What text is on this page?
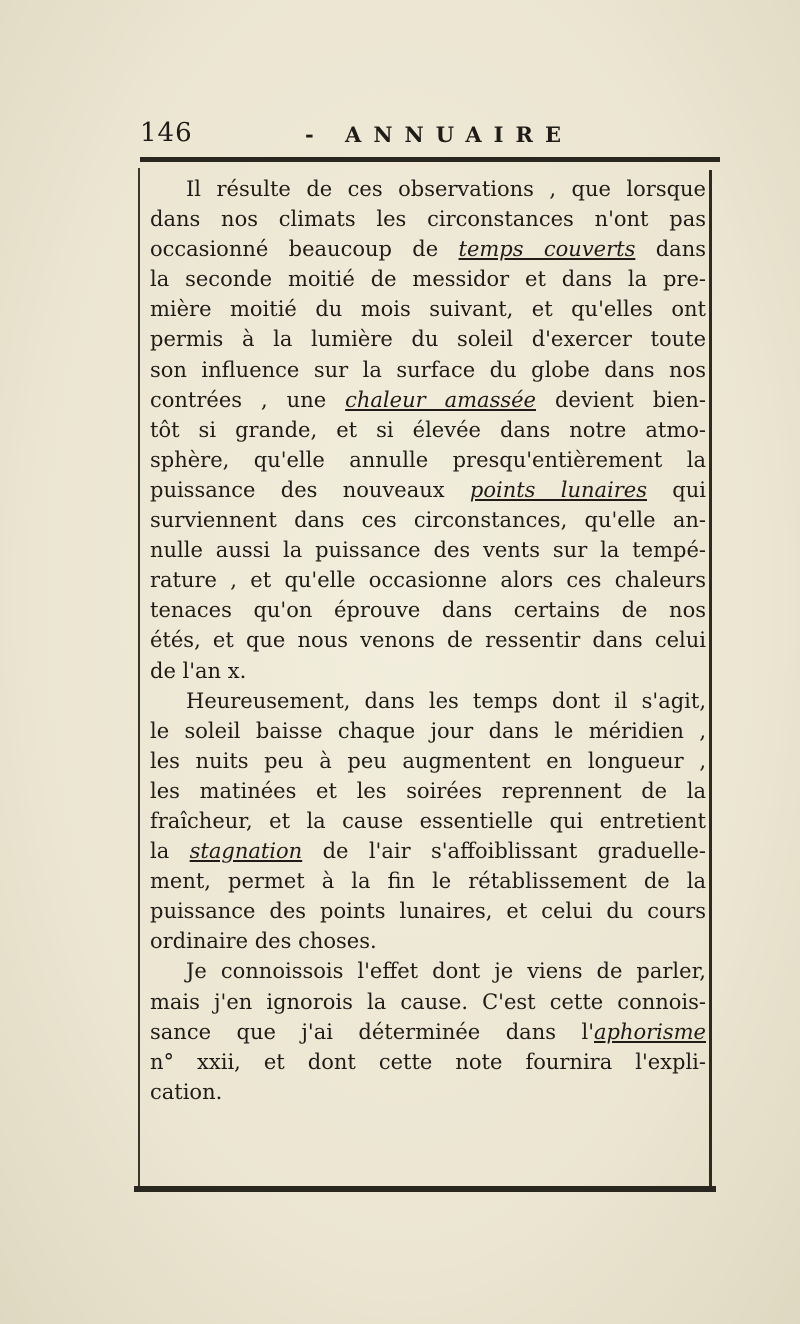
146	- ANNUAIRE
Il résulte de ces observations , que lorsque
dans nos climats les circonstances n'ont pas
occasionné beaucoup de temps couverts dans
la seconde moitié de messidor et dans la pre-
mière moitié du mois suivant, et qu'elles ont
permis à la lumière du soleil d'exercer toute
son influence sur la surface du globe dans nos
contrées , une chaleur amassée devient bien-
tôt si grande, et si élevée dans notre atmo-
sphère, qu'elle annulle presqu'entièrement la
puissance des nouveaux points lunaires qui
surviennent dans ces circonstances, qu'elle an-
nulle aussi la puissance des vents sur la tempé-
rature , et qu'elle occasionne alors ces chaleurs
tenaces qu'on éprouve dans certains de nos
étés, et que nous venons de ressentir dans celui
de l'an x.
Heureusement, dans les temps dont il s'agit,
le soleil baisse chaque jour dans le méridien ,
les nuits peu à peu augmentent en longueur ,
les matinées et les soirées reprennent de la
fraîcheur, et la cause essentielle qui entretient
la stagnation de l'air s'affoiblissant graduelle-
ment, permet à la fin le rétablissement de la
puissance des points lunaires, et celui du cours
ordinaire des choses.
Je connoissois l'effet dont je viens de parler,
mais j'en ignorois la cause. C'est cette connois-
sance que j'ai déterminée dans l'aphorisme
n° xxii, et dont cette note fournira l'expli-
cation.
